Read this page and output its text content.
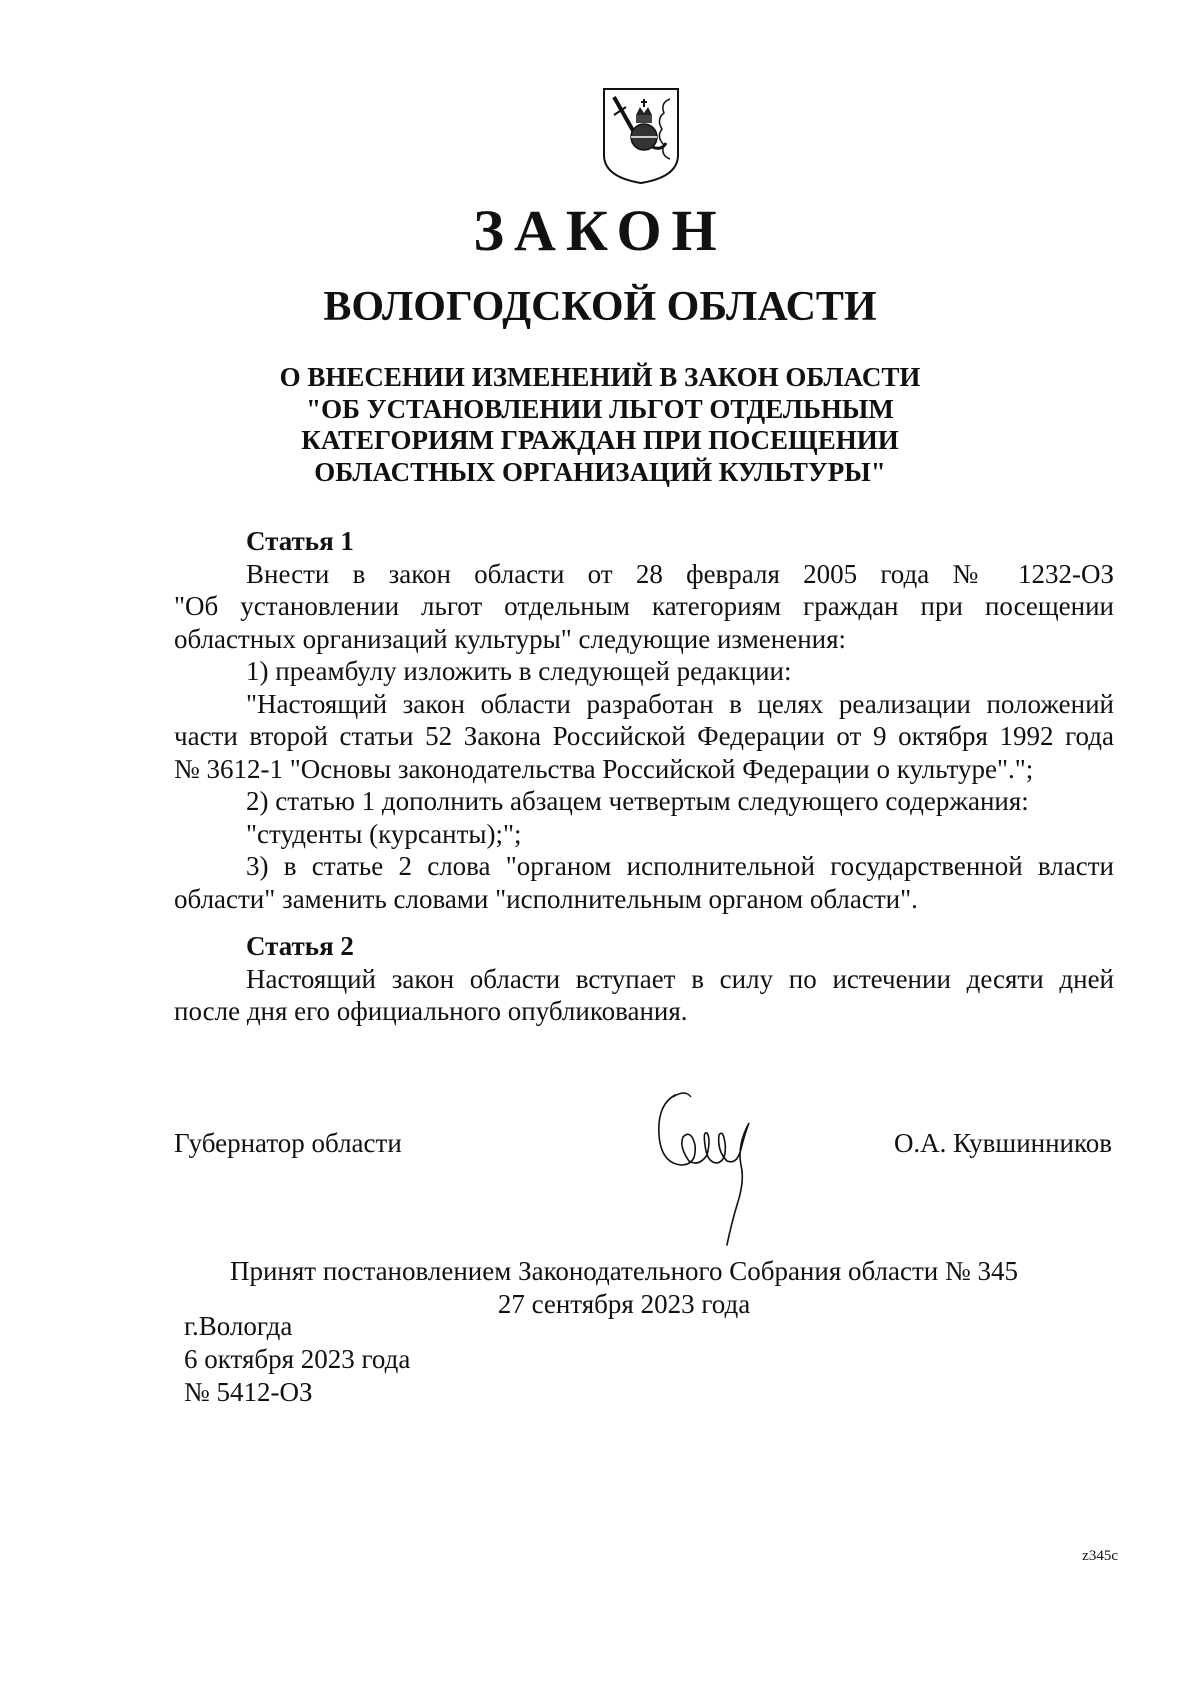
ЗАКОН
ВОЛОГОДСКОЙ ОБЛАСТИ
О ВНЕСЕНИИ ИЗМЕНЕНИЙ В ЗАКОН ОБЛАСТИ
"ОБ УСТАНОВЛЕНИИ ЛЬГОТ ОТДЕЛЬНЫМ
КАТЕГОРИЯМ ГРАЖДАН ПРИ ПОСЕЩЕНИИ
ОБЛАСТНЫХ ОРГАНИЗАЦИЙ КУЛЬТУРЫ"
Статья 1
Внести в закон области от 28 февраля 2005 года № 1232-ОЗ
"Об установлении льгот отдельным категориям граждан при посещении
областных организаций культуры" следующие изменения:
1) преамбулу изложить в следующей редакции:
"Настоящий закон области разработан в целях реализации положений
части второй статьи 52 Закона Российской Федерации от 9 октября 1992 года
№ 3612-1 "Основы законодательства Российской Федерации о культуре".";
2) статью 1 дополнить абзацем четвертым следующего содержания:
"студенты (курсанты);";
3) в статье 2 слова "органом исполнительной государственной власти
области" заменить словами "исполнительным органом области".
Статья 2
Настоящий закон области вступает в силу по истечении десяти дней
после дня его официального опубликования.
Губернатор области	О.А. Кувшинников
Принят постановлением Законодательного Собрания области № 345
27 сентября 2023 года
г.Вологда
6 октября 2023 года
№ 5412-ОЗ
z345c
